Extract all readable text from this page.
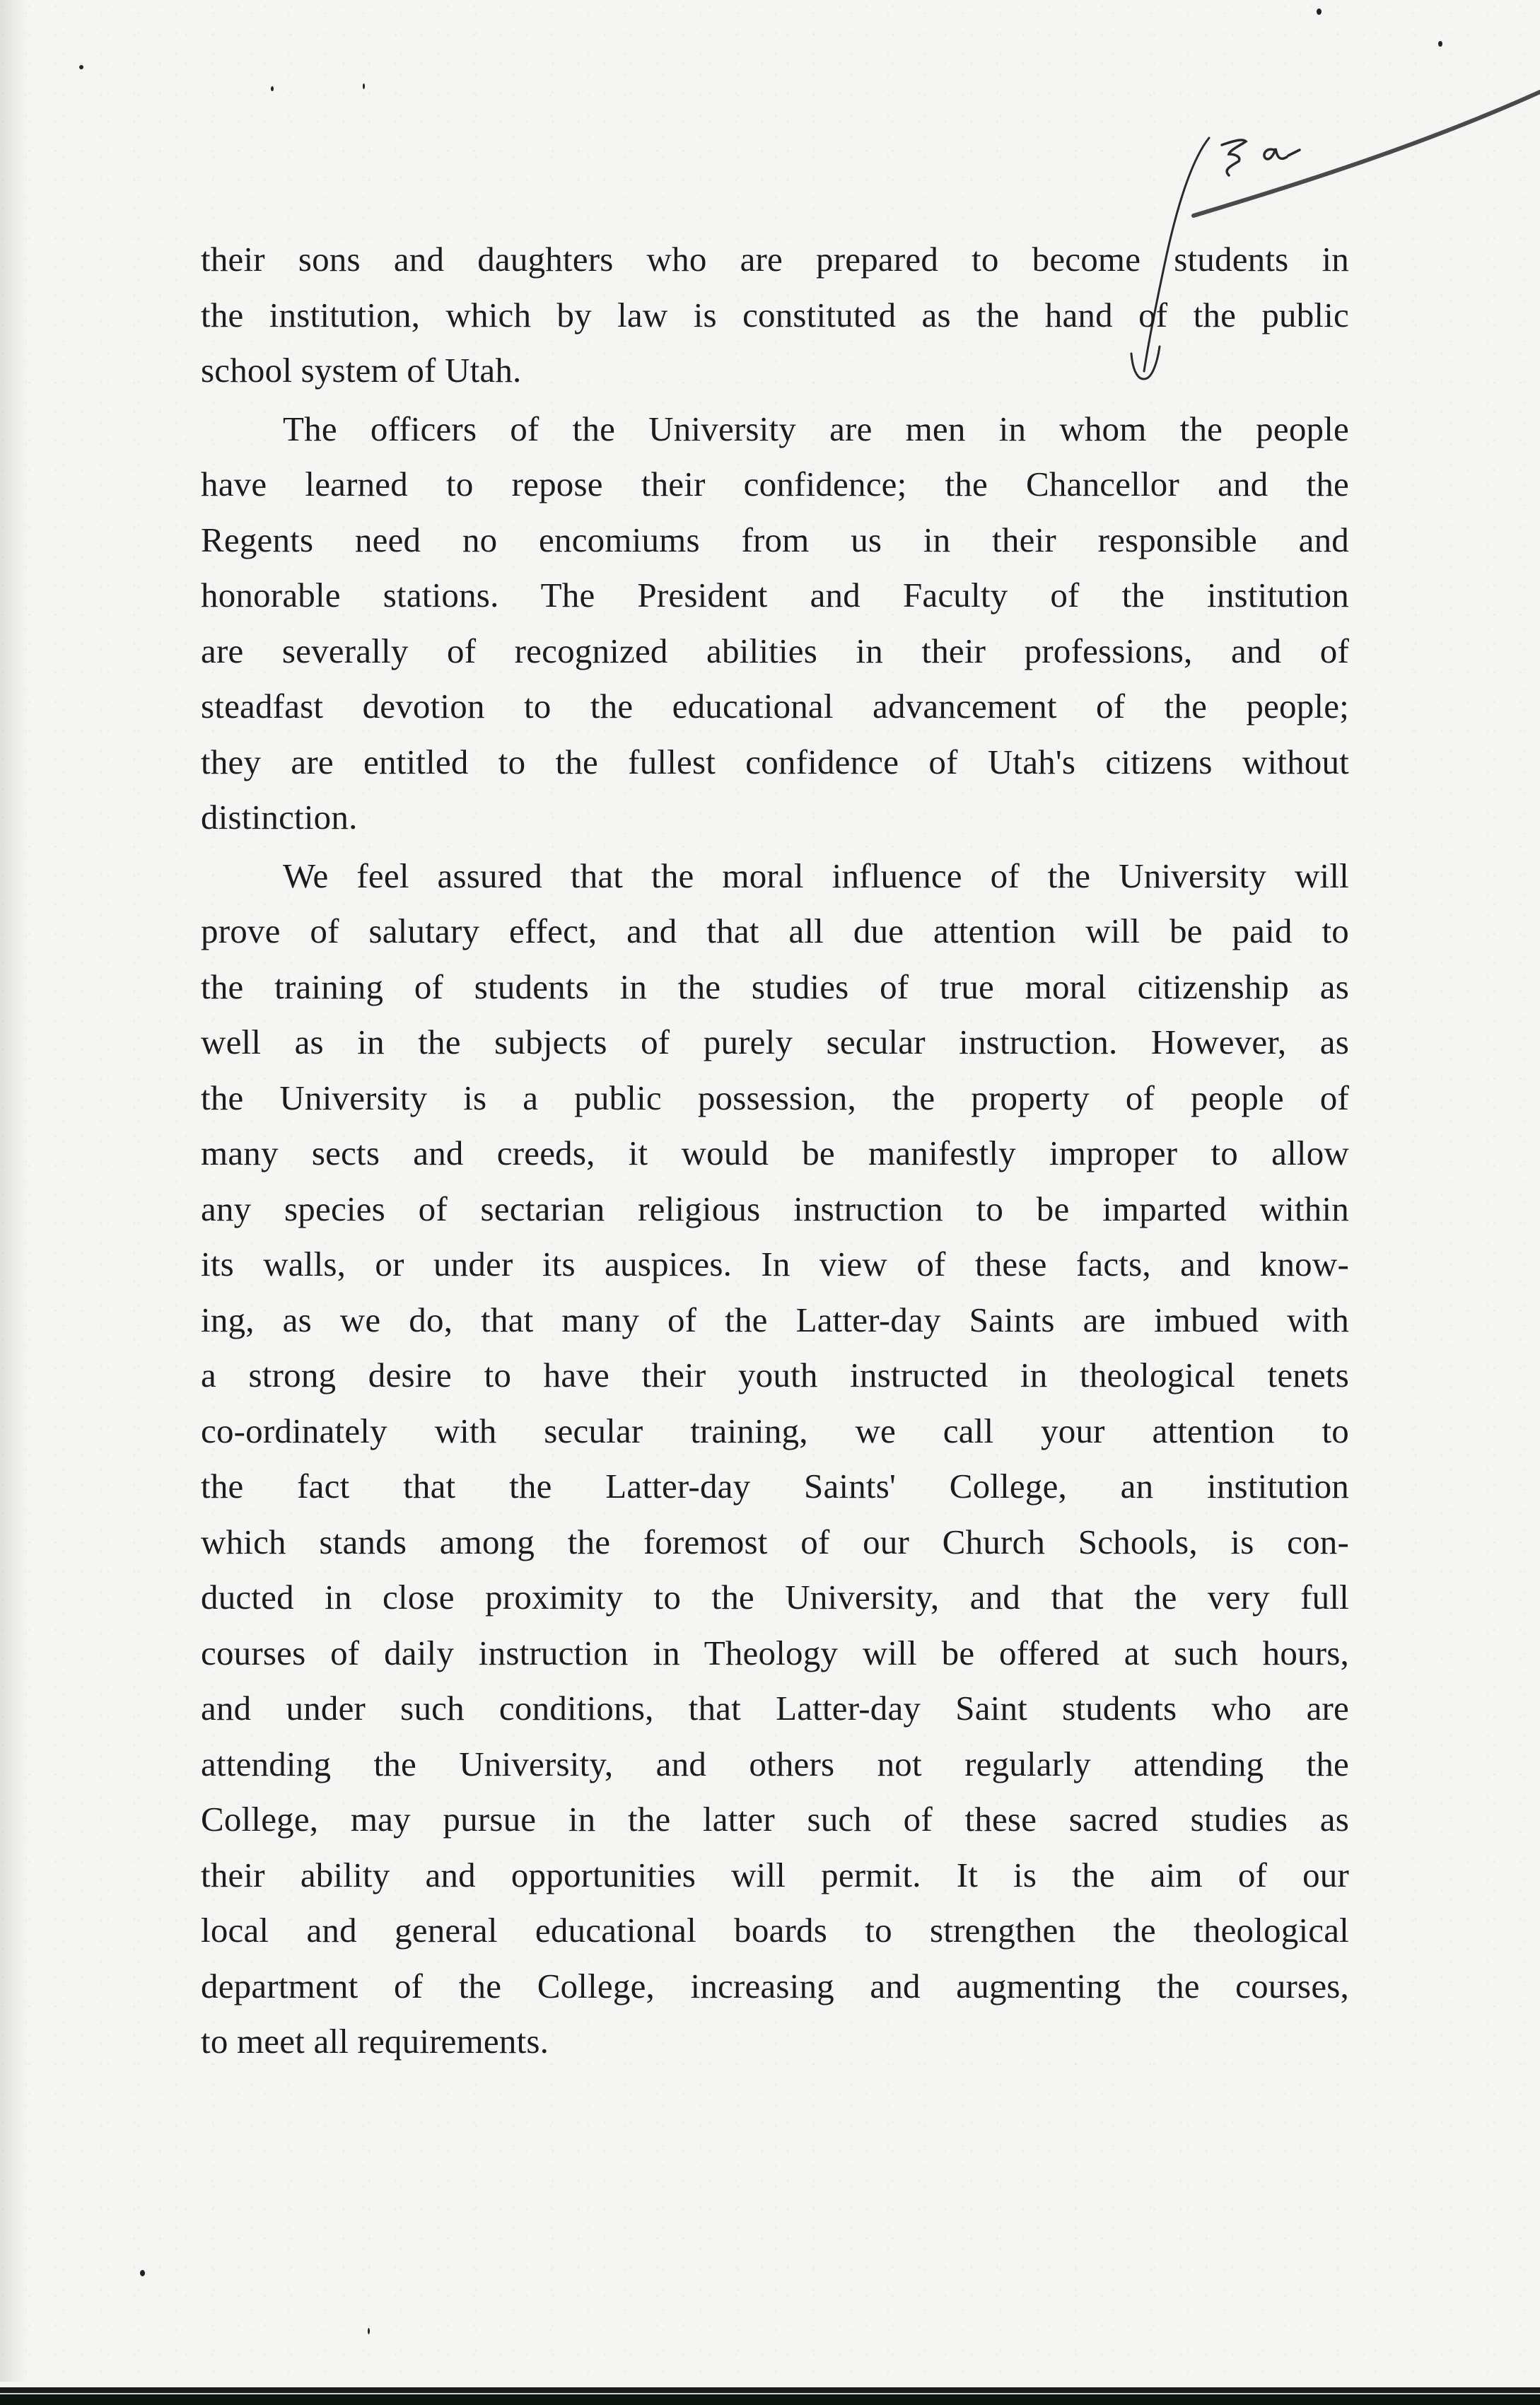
their sons and daughters who are prepared to become students in
the institution, which by law is constituted as the hand of the public
school system of Utah.
The officers of the University are men in whom the people
have learned to repose their confidence; the Chancellor and the
Regents need no encomiums from us in their responsible and
honorable stations. The President and Faculty of the institution
are severally of recognized abilities in their professions, and of
steadfast devotion to the educational advancement of the people;
they are entitled to the fullest confidence of Utah's citizens without
distinction.
We feel assured that the moral influence of the University will
prove of salutary effect, and that all due attention will be paid to
the training of students in the studies of true moral citizenship as
well as in the subjects of purely secular instruction. However, as
the University is a public possession, the property of people of
many sects and creeds, it would be manifestly improper to allow
any species of sectarian religious instruction to be imparted within
its walls, or under its auspices. In view of these facts, and know-
ing, as we do, that many of the Latter-day Saints are imbued with
a strong desire to have their youth instructed in theological tenets
co-ordinately with secular training, we call your attention to
the fact that the Latter-day Saints' College, an institution
which stands among the foremost of our Church Schools, is con-
ducted in close proximity to the University, and that the very full
courses of daily instruction in Theology will be offered at such hours,
and under such conditions, that Latter-day Saint students who are
attending the University, and others not regularly attending the
College, may pursue in the latter such of these sacred studies as
their ability and opportunities will permit. It is the aim of our
local and general educational boards to strengthen the theological
department of the College, increasing and augmenting the courses,
to meet all requirements.
